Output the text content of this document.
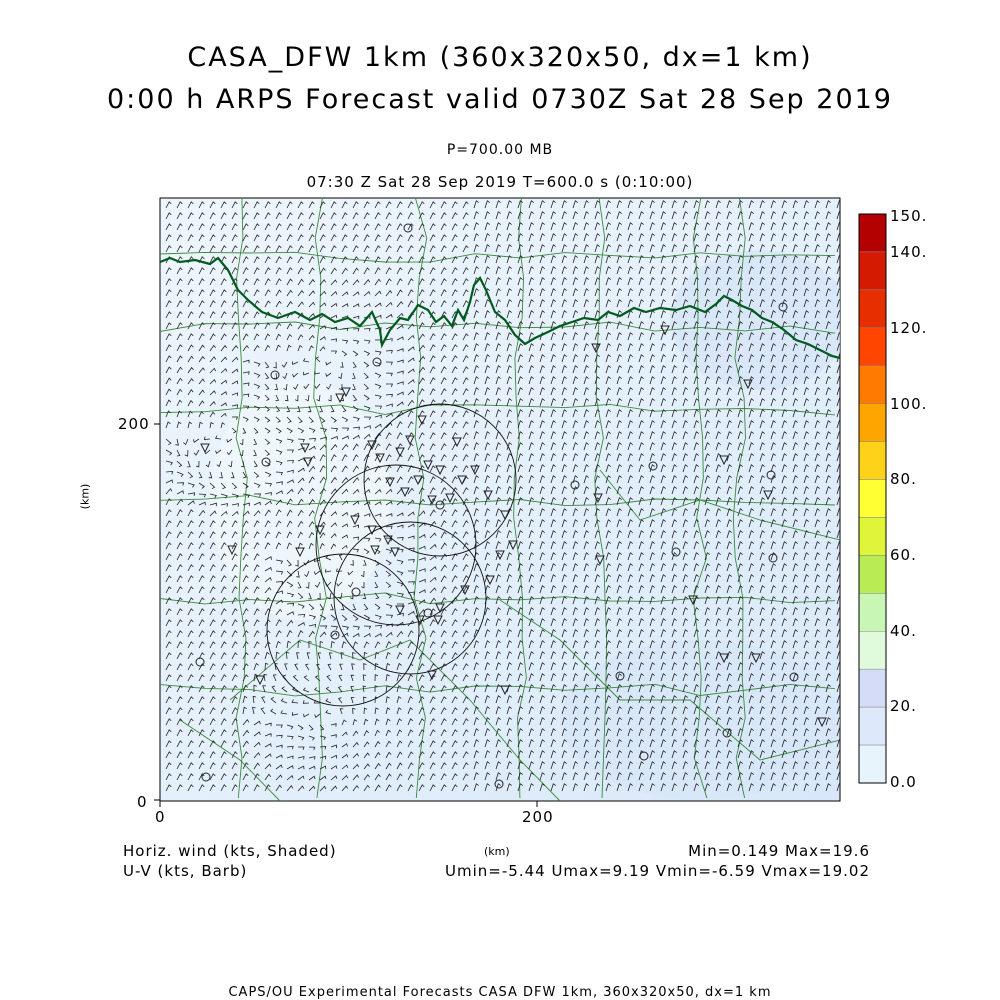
CASA_DFW 1km (360x320x50, dx=1 km)
0:00 h ARPS Forecast valid 0730Z Sat 28 Sep 2019
P=700.00 MB
07:30 Z Sat 28 Sep 2019 T=600.0 s (0:10:00)
200
0
0	200
(km)
(km)
Horiz. wind (kts, Shaded)
U-V (kts, Barb)
Min=0.149 Max=19.6
Umin=-5.44 Umax=9.19 Vmin=-6.59 Vmax=19.02
CAPS/OU Experimental Forecasts CASA DFW 1km, 360x320x50, dx=1 km
150.
140.
120.
100.
80.
60.
40.
20.
0.0
